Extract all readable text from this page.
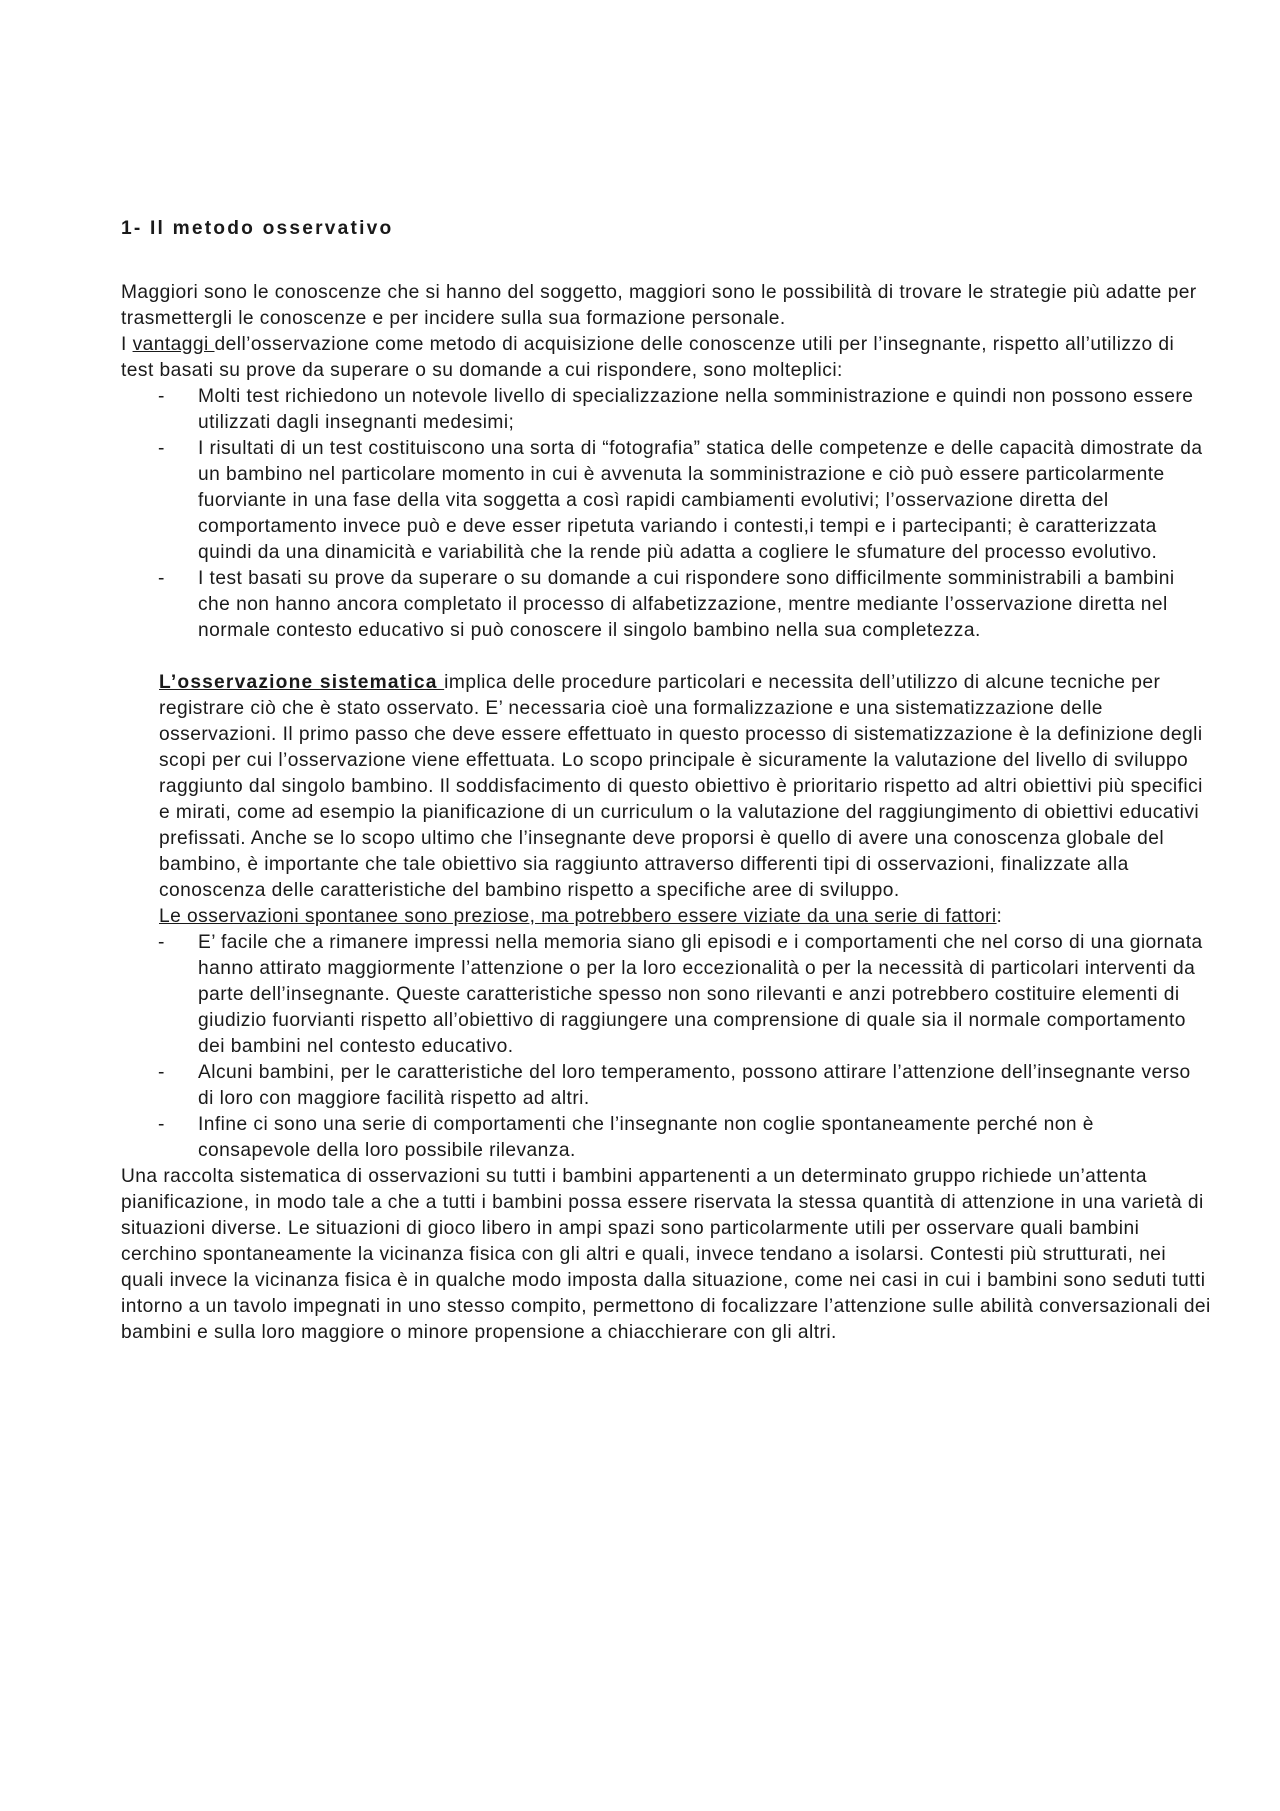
1- Il metodo osservativo

Maggiori sono le conoscenze che si hanno del soggetto, maggiori sono le possibilità di trovare le strategie più adatte per trasmettergli le conoscenze e per incidere sulla sua formazione personale.
I vantaggi dell’osservazione come metodo di acquisizione delle conoscenze utili per l’insegnante, rispetto all’utilizzo di test basati su prove da superare o su domande a cui rispondere, sono molteplici:

- Molti test richiedono un notevole livello di specializzazione nella somministrazione e quindi non possono essere utilizzati dagli insegnanti medesimi;
- I risultati di un test costituiscono una sorta di “fotografia” statica delle competenze e delle capacità dimostrate da un bambino nel particolare momento in cui è avvenuta la somministrazione e ciò può essere particolarmente fuorviante in una fase della vita soggetta a così rapidi cambiamenti evolutivi; l’osservazione diretta del comportamento invece può e deve esser ripetuta variando i contesti,i tempi e i partecipanti; è caratterizzata quindi da una dinamicità e variabilità che la rende più adatta a cogliere le sfumature del processo evolutivo.
- I test basati su prove da superare o su domande a cui rispondere sono difficilmente somministrabili a bambini che non hanno ancora completato il processo di alfabetizzazione, mentre mediante l’osservazione diretta nel normale contesto educativo si può conoscere il singolo bambino nella sua completezza.

L’osservazione sistematica implica delle procedure particolari e necessita dell’utilizzo di alcune tecniche per registrare ciò che è stato osservato. E’ necessaria cioè una formalizzazione e una sistematizzazione delle osservazioni. Il primo passo che deve essere effettuato in questo processo di sistematizzazione è la definizione degli scopi per cui l’osservazione viene effettuata. Lo scopo principale è sicuramente la valutazione del livello di sviluppo raggiunto dal singolo bambino. Il soddisfacimento di questo obiettivo è prioritario rispetto ad altri obiettivi più specifici e mirati, come ad esempio la pianificazione di un curriculum o la valutazione del raggiungimento di obiettivi educativi prefissati. Anche se lo scopo ultimo che l’insegnante deve proporsi è quello di avere una conoscenza globale del bambino, è importante che tale obiettivo sia raggiunto attraverso differenti tipi di osservazioni, finalizzate alla conoscenza delle caratteristiche del bambino rispetto a specifiche aree di sviluppo.

Le osservazioni spontanee sono preziose, ma potrebbero essere viziate da una serie di fattori:

- E’ facile che a rimanere impressi nella memoria siano gli episodi e i comportamenti che nel corso di una giornata hanno attirato maggiormente l’attenzione o per la loro eccezionalità o per la necessità di particolari interventi da parte dell’insegnante. Queste caratteristiche spesso non sono rilevanti e anzi potrebbero costituire elementi di giudizio fuorvianti rispetto all’obiettivo di raggiungere una comprensione di quale sia il normale comportamento dei bambini nel contesto educativo.
- Alcuni bambini, per le caratteristiche del loro temperamento, possono attirare l’attenzione dell’insegnante verso di loro con maggiore facilità rispetto ad altri.
- Infine ci sono una serie di comportamenti che l’insegnante non coglie spontaneamente perché non è consapevole della loro possibile rilevanza.

Una raccolta sistematica di osservazioni su tutti i bambini appartenenti a un determinato gruppo richiede un’attenta pianificazione, in modo tale a che a tutti i bambini possa essere riservata la stessa quantità di attenzione in una varietà di situazioni diverse. Le situazioni di gioco libero in ampi spazi sono particolarmente utili per osservare quali bambini cerchino spontaneamente la vicinanza fisica con gli altri e quali, invece tendano a isolarsi. Contesti più strutturati, nei quali invece la vicinanza fisica è in qualche modo imposta dalla situazione, come nei casi in cui i bambini sono seduti tutti intorno a un tavolo impegnati in uno stesso compito, permettono di focalizzare l’attenzione sulle abilità conversazionali dei bambini e sulla loro maggiore o minore propensione a chiacchierare con gli altri.
